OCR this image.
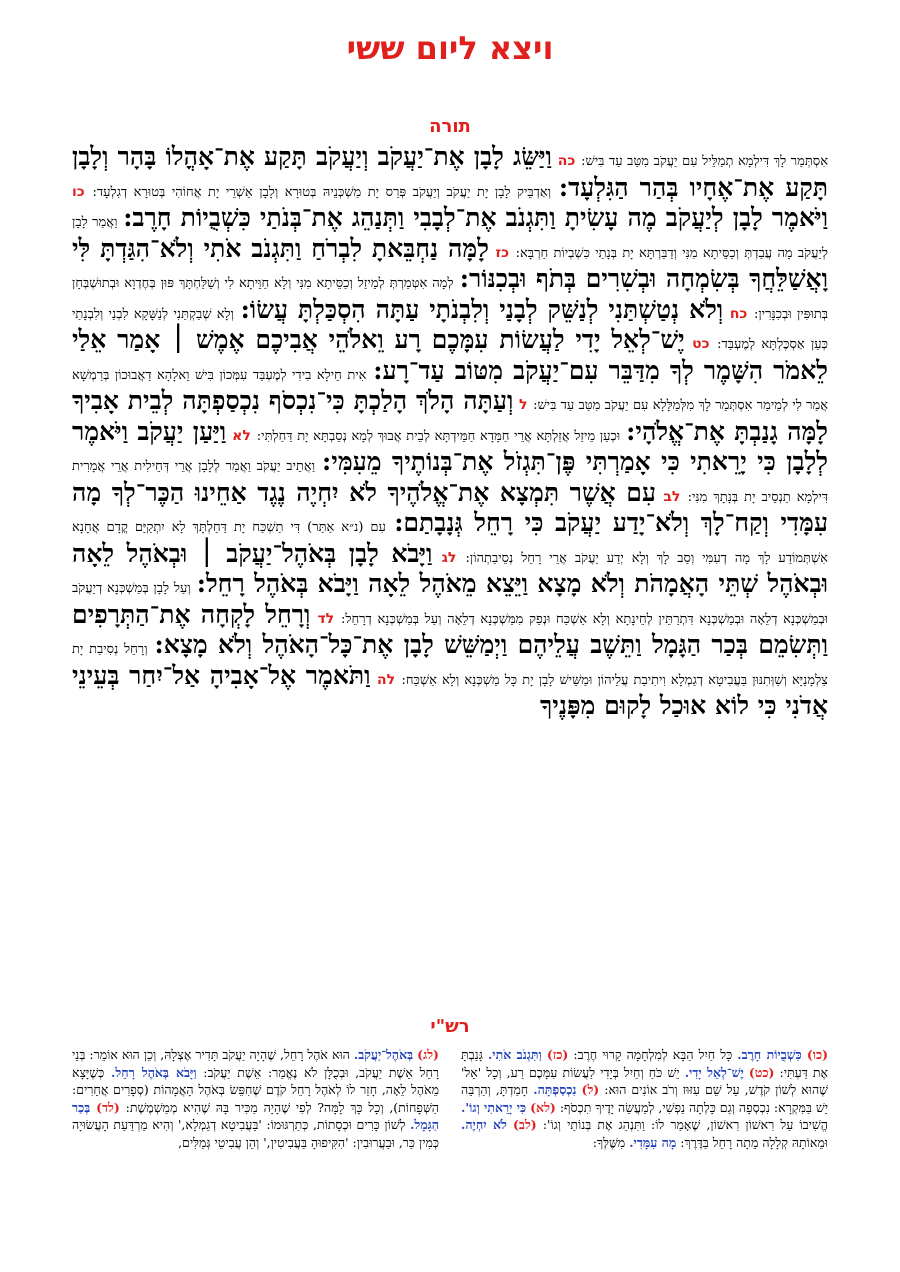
ויצא ליום ששי
תורה
אִסְתְּמַר לָךְ דִּילְמָא תְמַלֵּיל עִם יַעֲקֹב מִטַּב עַד בִּישׁ: כה וַיַּשֵּׂג לָבָן אֶת־יַעֲקֹב וְיַעֲקֹב תָּקַע אֶת־אָהֳלוֹ בָּהָר וְלָבָן תָּקַע אֶת־אֶחָיו בְּהַר הַגִּלְעָד: וְאַדְבֵּיק לָבָן יָת יַעֲקֹב וְיַעֲקֹב פְּרַס יָת מַשְׁכְּנֵיהּ בְּטוּרָא וְלָבָן אַשְׁרֵי יָת אֲחוֹהִי בְּטוּרָא דְגִלְעָד: כו וַיֹּאמֶר לָבָן לְיַעֲקֹב מֶה עָשִׂיתָ וַתִּגְנֹב אֶת־לְבָבִי וַתְּנַהֵג אֶת־בְּנֹתַי כִּשְׁבֻיוֹת חָרֶב: וַאֲמַר לָבָן לְיַעֲקֹב מָה עֲבַדְתְּ וְכַסֵּיתָא מִנִּי וְדַבַּרְתָּא יָת בְּנָתַי כִּשְׁבְיוֹת חַרְבָּא: כז לָמָּה נַחְבֵּאתָ לִבְרֹחַ וַתִּגְנֹב אֹתִי וְלֹא־הִגַּדְתָּ לִּי וָאֲשַׁלֵּחֲךָ בְּשִׂמְחָה וּבְשִׁרִים בְּתֹף וּבְכִנּוֹר: לְמָה אִטְּמַרְתְּ לְמֵיזַל וְכַסֵּיתָא מִנִּי וְלָא חַוֵּיתָא לִי וְשַׁלַּחְתָּךְ פּוּן בְּחֶדְוָא וּבְתוּשְׁבְּחָן בְּתוּפִּין וּבְכִנָּרִין: כח וְלֹא נְטַשְׁתַּנִי לְנַשֵּׁק לְבָנַי וְלִבְנֹתָי עַתָּה הִסְכַּלְתָּ עֲשׂוֹ: וְלָא שְׁבַקְתַּנִי לְנַשָּׁקָא לִבְנַי וְלִבְנָתַי כְּעַן אַסְכֶּלְתָּא לְמֶעְבַּד: כט יֶשׁ־לְאֵל יָדִי לַעֲשׂוֹת עִמָּכֶם רָע וֵאלֹהֵי אֲבִיכֶם אֶמֶשׁ ׀ אָמַר אֵלַי לֵאמֹר הִשָּׁמֶר לְךָ מִדַּבֵּר עִם־יַעֲקֹב מִטּוֹב עַד־רָע: אִית חֵילָא בִידִי לְמֶעְבַּד עִמְּכוֹן בִּישׁ וֵאלָהָא דַאֲבוּכוֹן בְּרַמְשָׁא אֲמַר לִי לְמֵימַר אִסְתְּמַר לָךְ מִלְּמַלָּלָא עִם יַעֲקֹב מִטַּב עַד בִּישׁ: ל וְעַתָּה הָלֹךְ הָלַכְתָּ כִּי־נִכְסֹף נִכְסַפְתָּה לְבֵית אָבִיךָ לָמָּה גָנַבְתָּ אֶת־אֱלֹהָי: וּכְעַן מֵיזַל אֲזַלְתָּא אֲרֵי חַמָּדָא חַמֵּידְתָּא לְבֵית אֲבוּךְ לְמָא נְסֵבְתָּא יָת דַּחַלְתִּי: לא וַיַּעַן יַעֲקֹב וַיֹּאמֶר לְלָבָן כִּי יָרֵאתִי כִּי אָמַרְתִּי פֶּן־תִּגְזֹל אֶת־בְּנוֹתֶיךָ מֵעִמִּי: וַאֲתֵיב יַעֲקֹב וַאֲמַר לְלָבָן אֲרֵי דְּחֵילִית אֲרֵי אֲמָרִית דִּילְמָא תַנְסֵיב יָת בְּנָתָךְ מִנִּי: לב עִם אֲשֶׁר תִּמְצָא אֶת־אֱלֹהֶיךָ לֹא יִחְיֶה נֶגֶד אַחֵינוּ הַכֶּר־לְךָ מָה עִמָּדִי וְקַח־לָךְ וְלֹא־יָדַע יַעֲקֹב כִּי רָחֵל גְּנָבָתַם: עִם (נ״א אַתַּר) דִּי תַשְׁכַּח יָת דַּחַלְתָּךְ לָא יִתְקַיַּם קֳדָם אֲחָנָא אִשְׁתְּמוֹדַע לָךְ מָה דְעִמִּי וְסַב לָךְ וְלָא יְדַע יַעֲקֹב אֲרֵי רָחֵל נְסֵיבַתְהוֹן: לג וַיָּבֹא לָבָן בְּאֹהֶל־יַעֲקֹב ׀ וּבְאֹהֶל לֵאָה וּבְאֹהֶל שְׁתֵּי הָאֲמָהֹת וְלֹא מָצָא וַיֵּצֵא מֵאֹהֶל לֵאָה וַיָּבֹא בְּאֹהֶל רָחֵל: וְעַל לָבָן בְּמַשְׁכְּנָא דְיַעֲקֹב וּבְמַשְׁכְּנָא דְלֵאָה וּבְמַשְׁכְּנָא דִּתְרַתֵּין לְחֵינָתָא וְלָא אַשְׁכַּח וּנְפַק מִמַּשְׁכְּנָא דְלֵאָה וְעַל בְּמַשְׁכְּנָא דְרָחֵל: לד וְרָחֵל לָקְחָה אֶת־הַתְּרָפִים וַתְּשִׂמֵם בְּכַר הַגָּמָל וַתֵּשֶׁב עֲלֵיהֶם וַיְמַשֵּׁשׁ לָבָן אֶת־כָּל־הָאֹהֶל וְלֹא מָצָא: וְרָחֵל נְסִיבַת יָת צַלְמָנַיָּא וְשַׁוְּתִנּוּן בַּעֲבִיטָא דְגַמְלָא וִיתִיבַת עֲלֵיהוֹן וּמַשֵּׁישׁ לָבָן יָת כָּל מַשְׁכְּנָא וְלָא אַשְׁכַּח: לה וַתֹּאמֶר אֶל־אָבִיהָ אַל־יִחַר בְּעֵינֵי אֲדֹנִי כִּי לוֹא אוּכַל לָקוּם מִפָּנֶיךָ
רש"י
(כו) כִּשְׁבֻיוֹת חָרֶב. כָּל חַיִל הַבָּא לְמִלְחָמָה קָרוּי חֶרֶב: (כז) וַתִּגְנֹב אֹתִי. גָּנַבְתָּ אֶת דַּעְתִּי: (כט) יֶשׁ־לְאֵל יָדִי. יֵשׁ כֹּחַ וְחַיִל בְּיָדִי לַעֲשׂוֹת עִמָּכֶם רַע, וְכָל 'אֵל' שֶׁהוּא לְשׁוֹן קֹדֶשׁ, עַל שֵׁם עִזּוּז וְרֹב אוֹנִים הוּא: (ל) נִכְסַפְתָּה. חָמַדְתָּ, וְהַרְבֵּה יֵשׁ בַּמִּקְרָא: נִכְסְפָה וְגַם כָּלְתָה נַפְשִׁי, לְמַעֲשֵׂה יָדֶיךָ תִכְסֹף: (לא) כִּי יָרֵאתִי וְגוֹ'. הֱשִׁיבוֹ עַל רִאשׁוֹן רִאשׁוֹן, שֶׁאָמַר לוֹ: וַתִּנְהַג אֶת בְּנוֹתַי וְגוֹ': (לב) לֹא יִחְיֶה. וּמֵאוֹתָהּ קְלָלָה מֵתָה רָחֵל בַּדֶּרֶךְ: מָה עִמָּדִי. מִשֶּׁלְּךָ:
(לג) בְּאֹהֶל־יַעֲקֹב. הוּא אֹהֶל רָחֵל, שֶׁהָיָה יַעֲקֹב תָּדִיר אֶצְלָהּ, וְכֵן הוּא אוֹמֵר: בְּנֵי רָחֵל אֵשֶׁת יַעֲקֹב, וּבְכֻלָּן לֹא נֶאֱמַר: אֵשֶׁת יַעֲקֹב: וַיָּבֹא בְּאֹהֶל רָחֵל. כְּשֶׁיָּצָא מֵאֹהֶל לֵאָה, חָזַר לוֹ לְאֹהֶל רָחֵל קֹדֶם שֶׁחִפֵּשׂ בְּאֹהֶל הָאֲמָהוֹת (סְפָרִים אֲחֵרִים: הַשְּׁפָחוֹת), וְכָל כָּךְ לָמָּה? לְפִי שֶׁהָיָה מַכִּיר בָּהּ שֶׁהִיא מְמַשְׁמֶשֶׁת: (לד) בְּכַר הַגָּמָל. לְשׁוֹן כָּרִים וּכְסָתוֹת, כְּתַרְגּוּמוֹ: 'בַּעֲבִיטָא דְגַמְלָא,' וְהִיא מַרְדַּעַת הָעֲשׂוּיָה כְּמִין כַּר, וּבַעֲרוּבִין: 'הִקִּיפוּהָ בַּעֲבִיטִין,' וְהֵן עֲבִיטֵי גְּמַלִּים,
